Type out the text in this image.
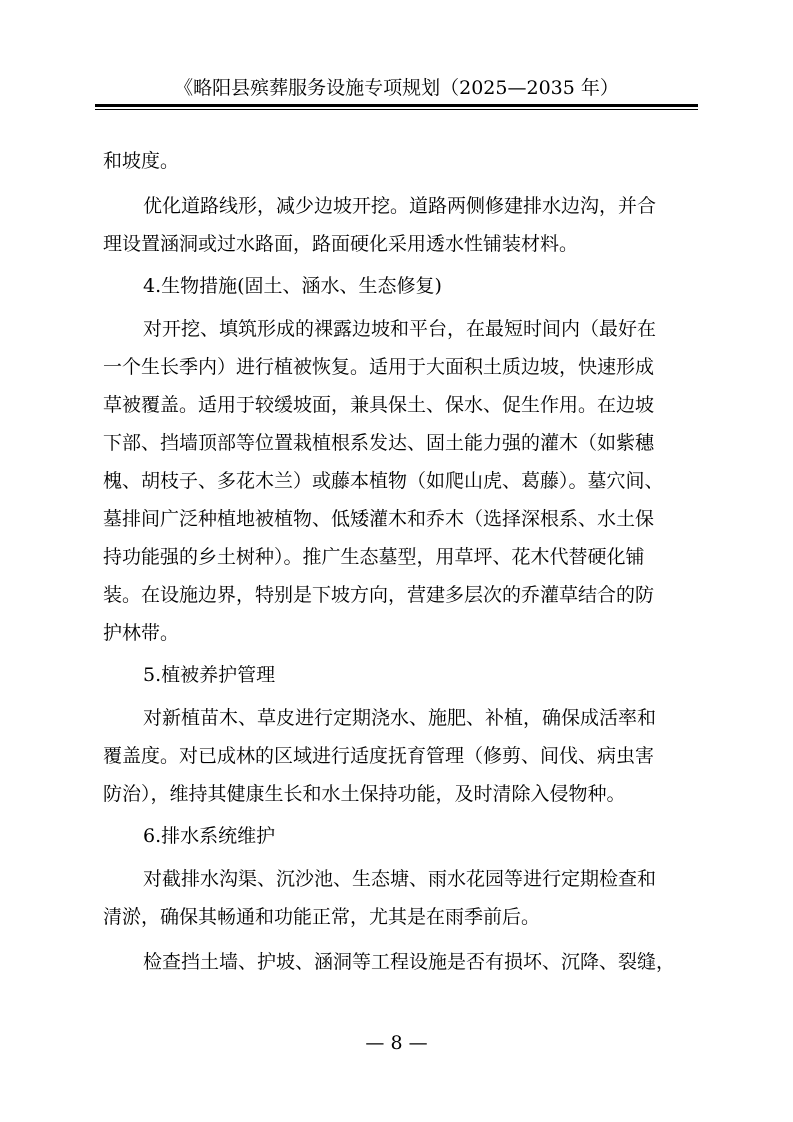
《略阳县殡葬服务设施专项规划（2025—2035 年）
和坡度。
优化道路线形，减少边坡开挖。道路两侧修建排水边沟，并合
理设置涵洞或过水路面，路面硬化采用透水性铺装材料。
4.生物措施(固土、涵水、生态修复)
对开挖、填筑形成的裸露边坡和平台，在最短时间内（最好在
一个生长季内）进行植被恢复。适用于大面积土质边坡，快速形成
草被覆盖。适用于较缓坡面，兼具保土、保水、促生作用。在边坡
下部、挡墙顶部等位置栽植根系发达、固土能力强的灌木（如紫穗
槐、胡枝子、多花木兰）或藤本植物（如爬山虎、葛藤）。墓穴间、
墓排间广泛种植地被植物、低矮灌木和乔木（选择深根系、水土保
持功能强的乡土树种）。推广生态墓型，用草坪、花木代替硬化铺
装。在设施边界，特别是下坡方向，营建多层次的乔灌草结合的防
护林带。
5.植被养护管理
对新植苗木、草皮进行定期浇水、施肥、补植，确保成活率和
覆盖度。对已成林的区域进行适度抚育管理（修剪、间伐、病虫害
防治），维持其健康生长和水土保持功能，及时清除入侵物种。
6.排水系统维护
对截排水沟渠、沉沙池、生态塘、雨水花园等进行定期检查和
清淤，确保其畅通和功能正常，尤其是在雨季前后。
检查挡土墙、护坡、涵洞等工程设施是否有损坏、沉降、裂缝，
— 8 —
